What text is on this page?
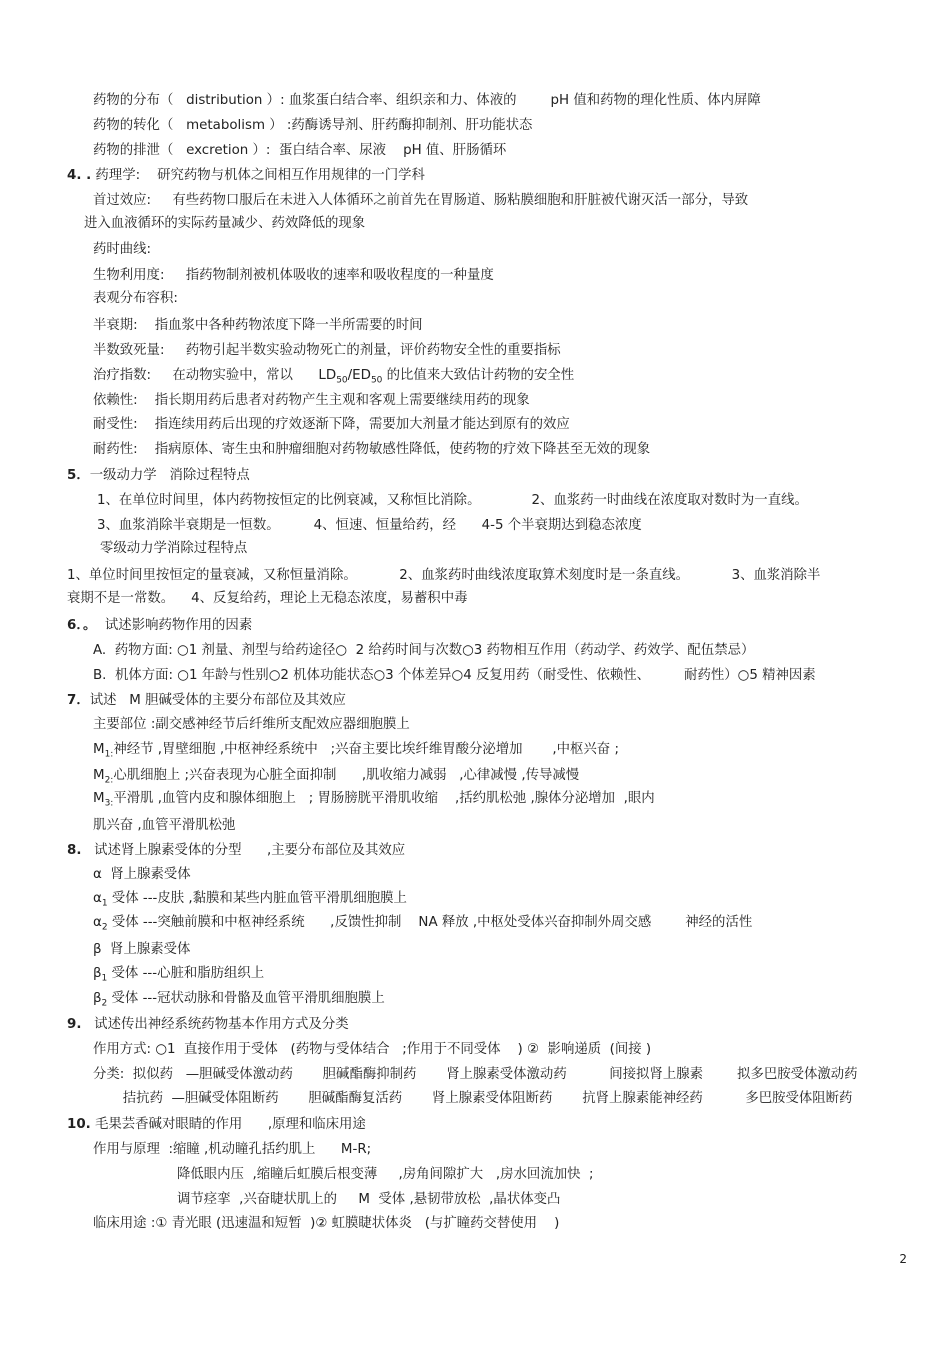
药物的分布（   distribution ）: 血浆蛋白结合率、组织亲和力、体液的        pH 值和药物的理化性质、体内屏障
药物的转化（   metabolism ） :药酶诱导剂、肝药酶抑制剂、肝功能状态
药物的排泄（   excretion ）:  蛋白结合率、尿液    pH 值、肝肠循环
4. . 药理学:    研究药物与机体之间相互作用规律的一门学科
首过效应:     有些药物口服后在未进入人体循环之前首先在胃肠道、肠粘膜细胞和肝脏被代谢灭活一部分，导致
进入血液循环的实际药量减少、药效降低的现象
药时曲线:
生物利用度:     指药物制剂被机体吸收的速率和吸收程度的一种量度
表观分布容积:
半衰期:    指血浆中各种药物浓度下降一半所需要的时间
半数致死量:     药物引起半数实验动物死亡的剂量，评价药物安全性的重要指标
治疗指数:     在动物实验中，常以      $LD_{50}/ED_{50}$ 的比值来大致估计药物的安全性
依赖性:    指长期用药后患者对药物产生主观和客观上需要继续用药的现象
耐受性:    指连续用药后出现的疗效逐渐下降，需要加大剂量才能达到原有的效应
耐药性:    指病原体、寄生虫和肿瘤细胞对药物敏感性降低，使药物的疗效下降甚至无效的现象
5．一级动力学   消除过程特点
1、在单位时间里，体内药物按恒定的比例衰减，又称恒比消除。            2、血浆药一时曲线在浓度取对数时为一直线。
3、血浆消除半衰期是一恒数。        4、恒速、恒量给药，经      4-5 个半衰期达到稳态浓度
零级动力学消除过程特点
1、单位时间里按恒定的量衰减，又称恒量消除。          2、血浆药时曲线浓度取算术刻度时是一条直线。          3、血浆消除半
衰期不是一常数。    4、反复给药，理论上无稳态浓度，易蓄积中毒
6．。  试述影响药物作用的因素
A.  药物方面: ○1 剂量、剂型与给药途径○  2 给药时间与次数○3 药物相互作用（药动学、药效学、配伍禁忌）
B.  机体方面: ○1 年龄与性别○2 机体功能状态○3 个体差异○4 反复用药（耐受性、依赖性、        耐药性）○5 精神因素
7．试述   M 胆碱受体的主要分布部位及其效应
主要部位 :副交感神经节后纤维所支配效应器细胞膜上
$M_{1:}$神经节 ,胃壁细胞 ,中枢神经系统中   ;兴奋主要比埃纤维胃酸分泌增加       ,中枢兴奋 ;
$M_{2:}$心肌细胞上 ;兴奋表现为心脏全面抑制      ,肌收缩力减弱   ,心律减慢 ,传导减慢
$M_{3:}$平滑肌 ,血管内皮和腺体细胞上   ; 胃肠膀胱平滑肌收缩    ,括约肌松弛 ,腺体分泌增加  ,眼内
肌兴奋 ,血管平滑肌松弛
8.   试述肾上腺素受体的分型      ,主要分布部位及其效应
α  肾上腺素受体
$\alpha_1$ 受体 ---皮肤 ,黏膜和某些内脏血管平滑肌细胞膜上
$\alpha_2$ 受体 ---突触前膜和中枢神经系统      ,反馈性抑制    NA 释放 ,中枢处受体兴奋抑制外周交感        神经的活性
β  肾上腺素受体
$\beta_1$ 受体 ---心脏和脂肪组织上
$\beta_2$ 受体 ---冠状动脉和骨骼及血管平滑肌细胞膜上
9.   试述传出神经系统药物基本作用方式及分类
作用方式: ○1  直接作用于受体   (药物与受体结合   ;作用于不同受体    ) ②  影响递质  (间接 )
分类:  拟似药   —胆碱受体激动药       胆碱酯酶抑制药       肾上腺素受体激动药          间接拟肾上腺素        拟多巴胺受体激动药
拮抗药  —胆碱受体阻断药       胆碱酯酶复活药       肾上腺素受体阻断药       抗肾上腺素能神经药          多巴胺受体阻断药
10. 毛果芸香碱对眼睛的作用      ,原理和临床用途
作用与原理  :缩瞳 ,机动瞳孔括约肌上      M-R;
降低眼内压  ,缩瞳后虹膜后根变薄     ,房角间隙扩大   ,房水回流加快  ;
调节痉挛  ,兴奋睫状肌上的     M  受体 ,悬韧带放松  ,晶状体变凸
临床用途 :① 青光眼 (迅速温和短暂  )② 虹膜睫状体炎   (与扩瞳药交替使用    )
2
